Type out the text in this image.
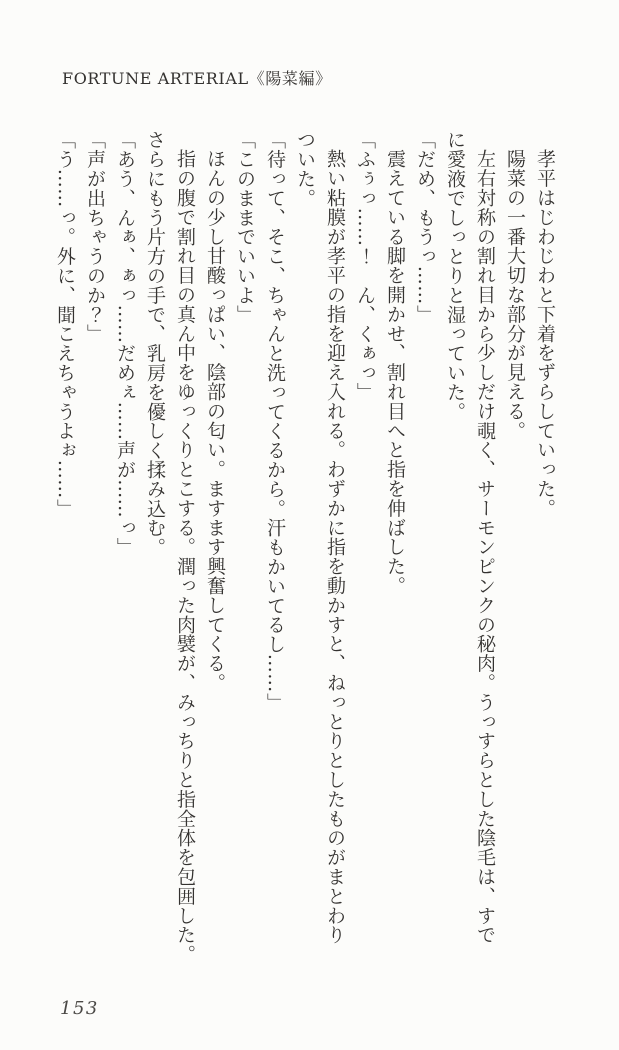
FORTUNE ARTERIAL《陽菜編》

孝平はじわじわと下着をずらしていった。

陽菜の一番大切な部分が見える。

左右対称の割れ目から少しだけ覗く、サーモンピンクの秘肉。うっすらとした陰毛は、すで

に愛液でしっとりと湿っていた。

「だめ、もうっ……」

震えている脚を開かせ、割れ目へと指を伸ばした。

「ふぅっ……！　ん、くぁっ」

熱い粘膜が孝平の指を迎え入れる。わずかに指を動かすと、ねっとりとしたものがまとわり

ついた。

「待って、そこ、ちゃんと洗ってくるから。汗もかいてるし……」

「このままでいいよ」

ほんの少し甘酸っぱい、陰部の匂い。ますます興奮してくる。

指の腹で割れ目の真ん中をゆっくりとこする。潤った肉襞が、みっちりと指全体を包囲した。

さらにもう片方の手で、乳房を優しく揉み込む。

「あう、んぁ、ぁっ……だめぇ……声が……っ」

「声が出ちゃうのか？」

「う……っ。外に、聞こえちゃうよぉ……」

153
